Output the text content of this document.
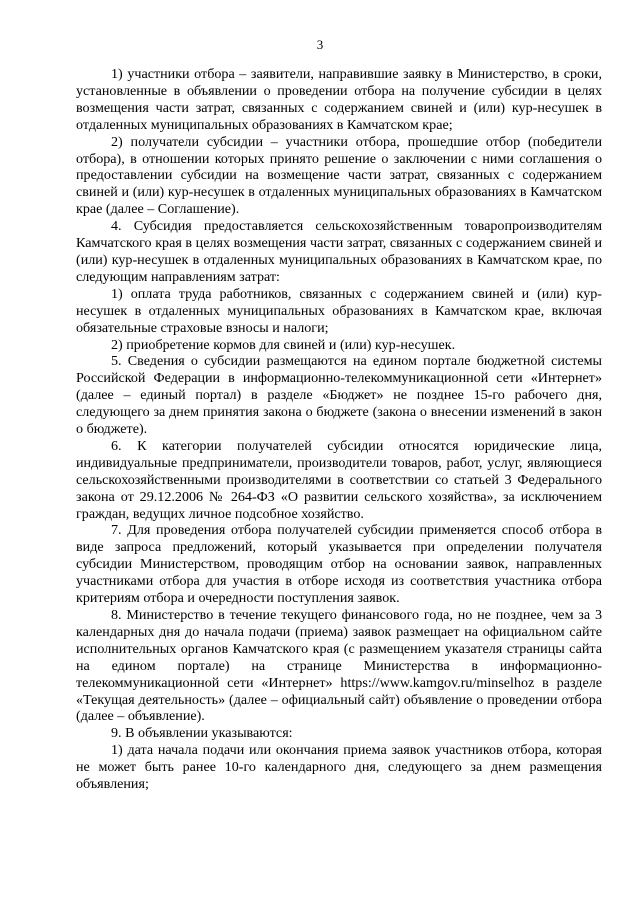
3

1) участники отбора – заявители, направившие заявку в Министерство, в сроки, установленные в объявлении о проведении отбора на получение субсидии в целях возмещения части затрат, связанных с содержанием свиней и (или) кур-несушек в отдаленных муниципальных образованиях в Камчатском крае;

2) получатели субсидии – участники отбора, прошедшие отбор (победители отбора), в отношении которых принято решение о заключении с ними соглашения о предоставлении субсидии на возмещение части затрат, связанных с содержанием свиней и (или) кур-несушек в отдаленных муниципальных образованиях в Камчатском крае (далее – Соглашение).

4. Субсидия предоставляется сельскохозяйственным товаропроизводителям Камчатского края в целях возмещения части затрат, связанных с содержанием свиней и (или) кур-несушек в отдаленных муниципальных образованиях в Камчатском крае, по следующим направлениям затрат:

1) оплата труда работников, связанных с содержанием свиней и (или) кур-несушек в отдаленных муниципальных образованиях в Камчатском крае, включая обязательные страховые взносы и налоги;

2) приобретение кормов для свиней и (или) кур-несушек.

5. Сведения о субсидии размещаются на едином портале бюджетной системы Российской Федерации в информационно-телекоммуникационной сети «Интернет» (далее – единый портал) в разделе «Бюджет» не позднее 15-го рабочего дня, следующего за днем принятия закона о бюджете (закона о внесении изменений в закон о бюджете).

6. К категории получателей субсидии относятся юридические лица, индивидуальные предприниматели, производители товаров, работ, услуг, являющиеся сельскохозяйственными производителями в соответствии со статьей 3 Федерального закона от 29.12.2006 № 264-ФЗ «О развитии сельского хозяйства», за исключением граждан, ведущих личное подсобное хозяйство.

7. Для проведения отбора получателей субсидии применяется способ отбора в виде запроса предложений, который указывается при определении получателя субсидии Министерством, проводящим отбор на основании заявок, направленных участниками отбора для участия в отборе исходя из соответствия участника отбора критериям отбора и очередности поступления заявок.

8. Министерство в течение текущего финансового года, но не позднее, чем за 3 календарных дня до начала подачи (приема) заявок размещает на официальном сайте исполнительных органов Камчатского края (с размещением указателя страницы сайта на едином портале) на странице Министерства в информационно-телекоммуникационной сети «Интернет» https://www.kamgov.ru/minselhoz в разделе «Текущая деятельность» (далее – официальный сайт) объявление о проведении отбора (далее – объявление).

9. В объявлении указываются:

1) дата начала подачи или окончания приема заявок участников отбора, которая не может быть ранее 10-го календарного дня, следующего за днем размещения объявления;
